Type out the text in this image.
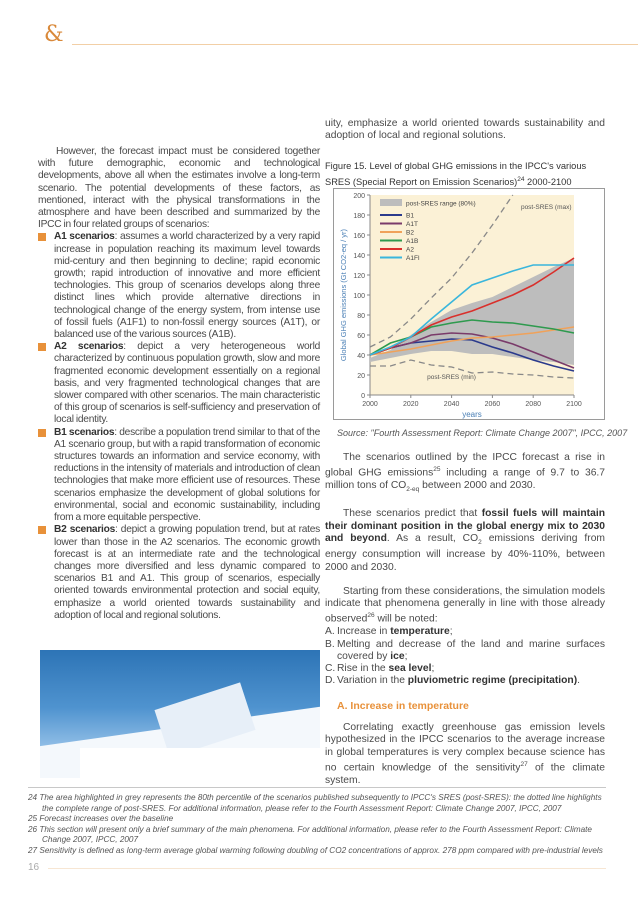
&

However, the forecast impact must be considered together with future demographic, economic and technological developments, above all when the estimates involve a long-term scenario. The potential developments of these factors, as mentioned, interact with the physical transformations in the atmosphere and have been described and summarized by the IPCC in four related groups of scenarios:

A1 scenarios: assumes a world characterized by a very rapid increase in population reaching its maximum level towards mid-century and then beginning to decline; rapid economic growth; rapid introduction of innovative and more efficient technologies. This group of scenarios develops along three distinct lines which provide alternative directions in technological change of the energy system, from intense use of fossil fuels (A1F1) to non-fossil energy sources (A1T), or balanced use of the various sources (A1B).
A2 scenarios: depict a very heterogeneous world characterized by continuous population growth, slow and more fragmented economic development essentially on a regional basis, and very fragmented technological changes that are slower compared with other scenarios. The main characteristic of this group of scenarios is self-sufficiency and preservation of local identity.
B1 scenarios: describe a population trend similar to that of the A1 scenario group, but with a rapid transformation of economic structures towards an information and service economy, with reductions in the intensity of materials and introduction of clean technologies that make more efficient use of resources. These scenarios emphasize the development of global solutions for environmental, social and economic sustainability, including from a more equitable perspective.
B2 scenarios: depict a growing population trend, but at rates lower than those in the A2 scenarios. The economic growth forecast is at an intermediate rate and the technological changes more diversified and less dynamic compared to scenarios B1 and A1. This group of scenarios, especially oriented towards environmental protection and social equity, emphasize a world oriented towards sustainability and adoption of local and regional solutions.
Figure 15. Level of global GHG emissions in the IPCC's various SRES (Special Report on Emission Scenarios)$^{24}$ 2000-2100
0
20
40
60
80
100
120
140
160
180
200
2000	2020	2040	2060	2080	2100
years
Global GHG emissions (Gt CO2-eq / yr)
post-SRES (max)
post-SRES (min)
post-SRES range (80%)
B1
A1T
B2
A1B
A2
A1FI
Source: "Fourth Assessment Report: Climate Change 2007", IPCC, 2007

uity, emphasize a world oriented towards sustainability and adoption of local and regional solutions.

The scenarios outlined by the IPCC forecast a rise in global GHG emissions$^{25}$ including a range of 9.7 to 36.7 million tons of $CO_{2-eq}$ between 2000 and 2030.

These scenarios predict that fossil fuels will maintain their dominant position in the global energy mix to 2030 and beyond. As a result, $CO_2$ emissions deriving from energy consumption will increase by 40%-110%, between 2000 and 2030.

Starting from these considerations, the simulation models indicate that phenomena generally in line with those already observed$^{26}$ will be noted:

A. Increase in temperature;
B. Melting and decrease of the land and marine surfaces covered by ice;
C. Rise in the sea level;
D. Variation in the pluviometric regime (precipitation).

A. Increase in temperature

Correlating exactly greenhouse gas emission levels hypothesized in the IPCC scenarios to the average increase in global temperatures is very complex because science has no certain knowledge of the sensitivity$^{27}$ of the climate system.

24 The area highlighted in grey represents the 80th percentile of the scenarios published subsequently to IPCC's SRES (post-SRES): the dotted line highlights the complete range of post-SRES. For additional information, please refer to the Fourth Assessment Report: Climate Change 2007, IPCC, 2007
25 Forecast increases over the baseline
26 This section will present only a brief summary of the main phenomena. For additional information, please refer to the Fourth Assessment Report: Climate Change 2007, IPCC, 2007
27 Sensitivity is defined as long-term average global warming following doubling of CO2 concentrations of approx. 278 ppm compared with pre-industrial levels
16
